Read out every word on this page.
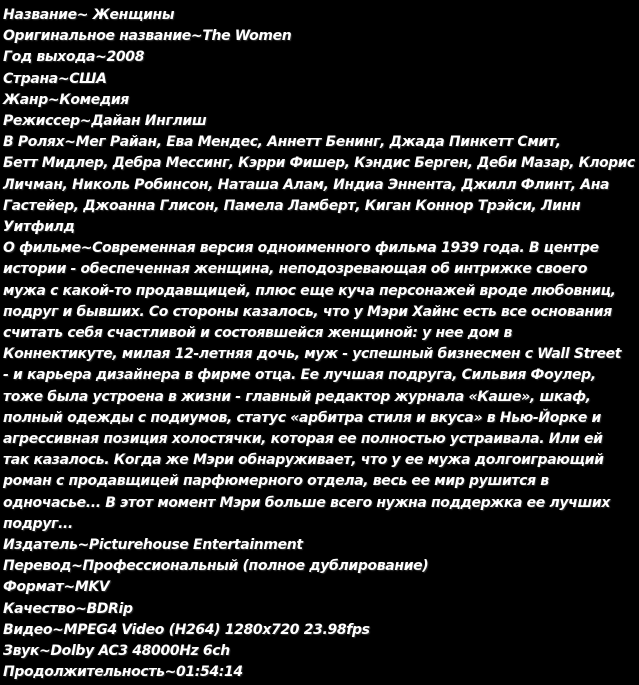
Название~ Женщины
Оригинальное название~The Women
Год выхода~2008
Страна~США
Жанр~Комедия
Режиссер~Дайан Инглиш
В Ролях~Мег Райан, Ева Мендес, Аннетт Бенинг, Джада Пинкетт Смит,
Бетт Мидлер, Дебра Мессинг, Кэрри Фишер, Кэндис Берген, Деби Мазар, Клорис
Личман, Николь Робинсон, Наташа Алам, Индиа Эннента, Джилл Флинт, Ана
Гастейер, Джоанна Глисон, Памела Ламберт, Киган Коннор Трэйси, Линн
Уитфилд
О фильме~Современная версия одноименного фильма 1939 года. В центре
истории - обеспеченная женщина, неподозревающая об интрижке своего
мужа с какой-то продавщицей, плюс еще куча персонажей вроде любовниц,
подруг и бывших. Со стороны казалось, что у Мэри Хайнс есть все основания
считать себя счастливой и состоявшейся женщиной: у нее дом в
Коннектикуте, милая 12-летняя дочь, муж - успешный бизнесмен с Wall Street
- и карьера дизайнера в фирме отца. Ее лучшая подруга, Сильвия Фоулер,
тоже была устроена в жизни - главный редактор журнала «Каше», шкаф,
полный одежды с подиумов, статус «арбитра стиля и вкуса» в Нью-Йорке и
агрессивная позиция холостячки, которая ее полностью устраивала. Или ей
так казалось. Когда же Мэри обнаруживает, что у ее мужа долгоиграющий
роман с продавщицей парфюмерного отдела, весь ее мир рушится в
одночасье... В этот момент Мэри больше всего нужна поддержка ее лучших
подруг...
Издатель~Picturehouse Entertainment
Перевод~Профессиональный (полное дублирование)
Формат~MKV
Качество~BDRip
Видео~MPEG4 Video (H264) 1280x720 23.98fps
Звук~Dolby AC3 48000Hz 6ch
Продолжительность~01:54:14
